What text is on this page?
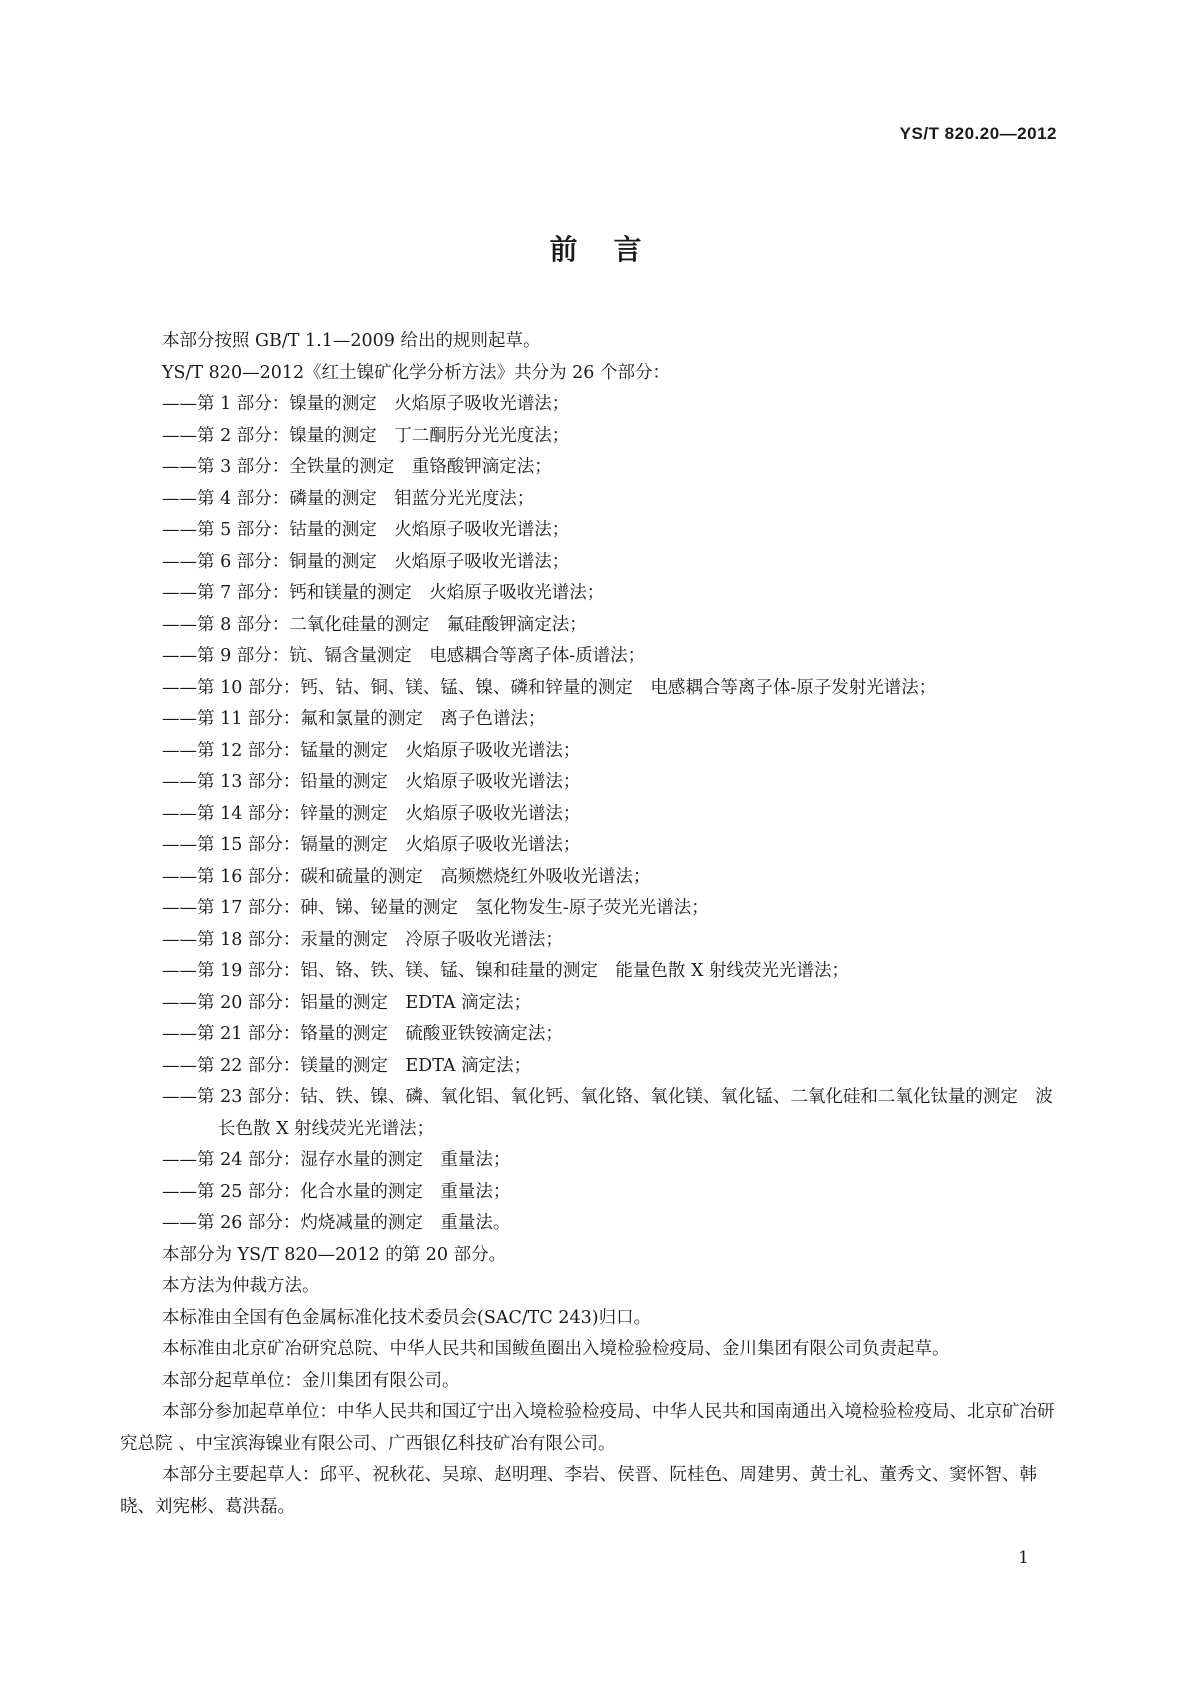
YS/T 820.20—2012
前言

本部分按照 GB/T 1.1—2009 给出的规则起草。

YS/T 820—2012《红土镍矿化学分析方法》共分为 26 个部分：

——第 1 部分：镍量的测定　火焰原子吸收光谱法；

——第 2 部分：镍量的测定　丁二酮肟分光光度法；

——第 3 部分：全铁量的测定　重铬酸钾滴定法；

——第 4 部分：磷量的测定　钼蓝分光光度法；

——第 5 部分：钴量的测定　火焰原子吸收光谱法；

——第 6 部分：铜量的测定　火焰原子吸收光谱法；

——第 7 部分：钙和镁量的测定　火焰原子吸收光谱法；

——第 8 部分：二氧化硅量的测定　氟硅酸钾滴定法；

——第 9 部分：钪、镉含量测定　电感耦合等离子体-质谱法；

——第 10 部分：钙、钴、铜、镁、锰、镍、磷和锌量的测定　电感耦合等离子体-原子发射光谱法；

——第 11 部分：氟和氯量的测定　离子色谱法；

——第 12 部分：锰量的测定　火焰原子吸收光谱法；

——第 13 部分：铅量的测定　火焰原子吸收光谱法；

——第 14 部分：锌量的测定　火焰原子吸收光谱法；

——第 15 部分：镉量的测定　火焰原子吸收光谱法；

——第 16 部分：碳和硫量的测定　高频燃烧红外吸收光谱法；

——第 17 部分：砷、锑、铋量的测定　氢化物发生-原子荧光光谱法；

——第 18 部分：汞量的测定　冷原子吸收光谱法；

——第 19 部分：铝、铬、铁、镁、锰、镍和硅量的测定　能量色散 X 射线荧光光谱法；

——第 20 部分：铝量的测定　EDTA 滴定法；

——第 21 部分：铬量的测定　硫酸亚铁铵滴定法；

——第 22 部分：镁量的测定　EDTA 滴定法；

——第 23 部分：钴、铁、镍、磷、氧化铝、氧化钙、氧化铬、氧化镁、氧化锰、二氧化硅和二氧化钛量的测定　波长色散 X 射线荧光光谱法；

——第 24 部分：湿存水量的测定　重量法；

——第 25 部分：化合水量的测定　重量法；

——第 26 部分：灼烧减量的测定　重量法。

本部分为 YS/T 820—2012 的第 20 部分。

本方法为仲裁方法。

本标准由全国有色金属标准化技术委员会(SAC/TC 243)归口。

本标准由北京矿冶研究总院、中华人民共和国鲅鱼圈出入境检验检疫局、金川集团有限公司负责起草。

本部分起草单位：金川集团有限公司。

本部分参加起草单位：中华人民共和国辽宁出入境检验检疫局、中华人民共和国南通出入境检验检疫局、北京矿冶研究总院 、中宝滨海镍业有限公司、广西银亿科技矿冶有限公司。

本部分主要起草人：邱平、祝秋花、吴琼、赵明理、李岩、侯晋、阮桂色、周建男、黄士礼、董秀文、窦怀智、韩晓、刘宪彬、葛洪磊。

1
